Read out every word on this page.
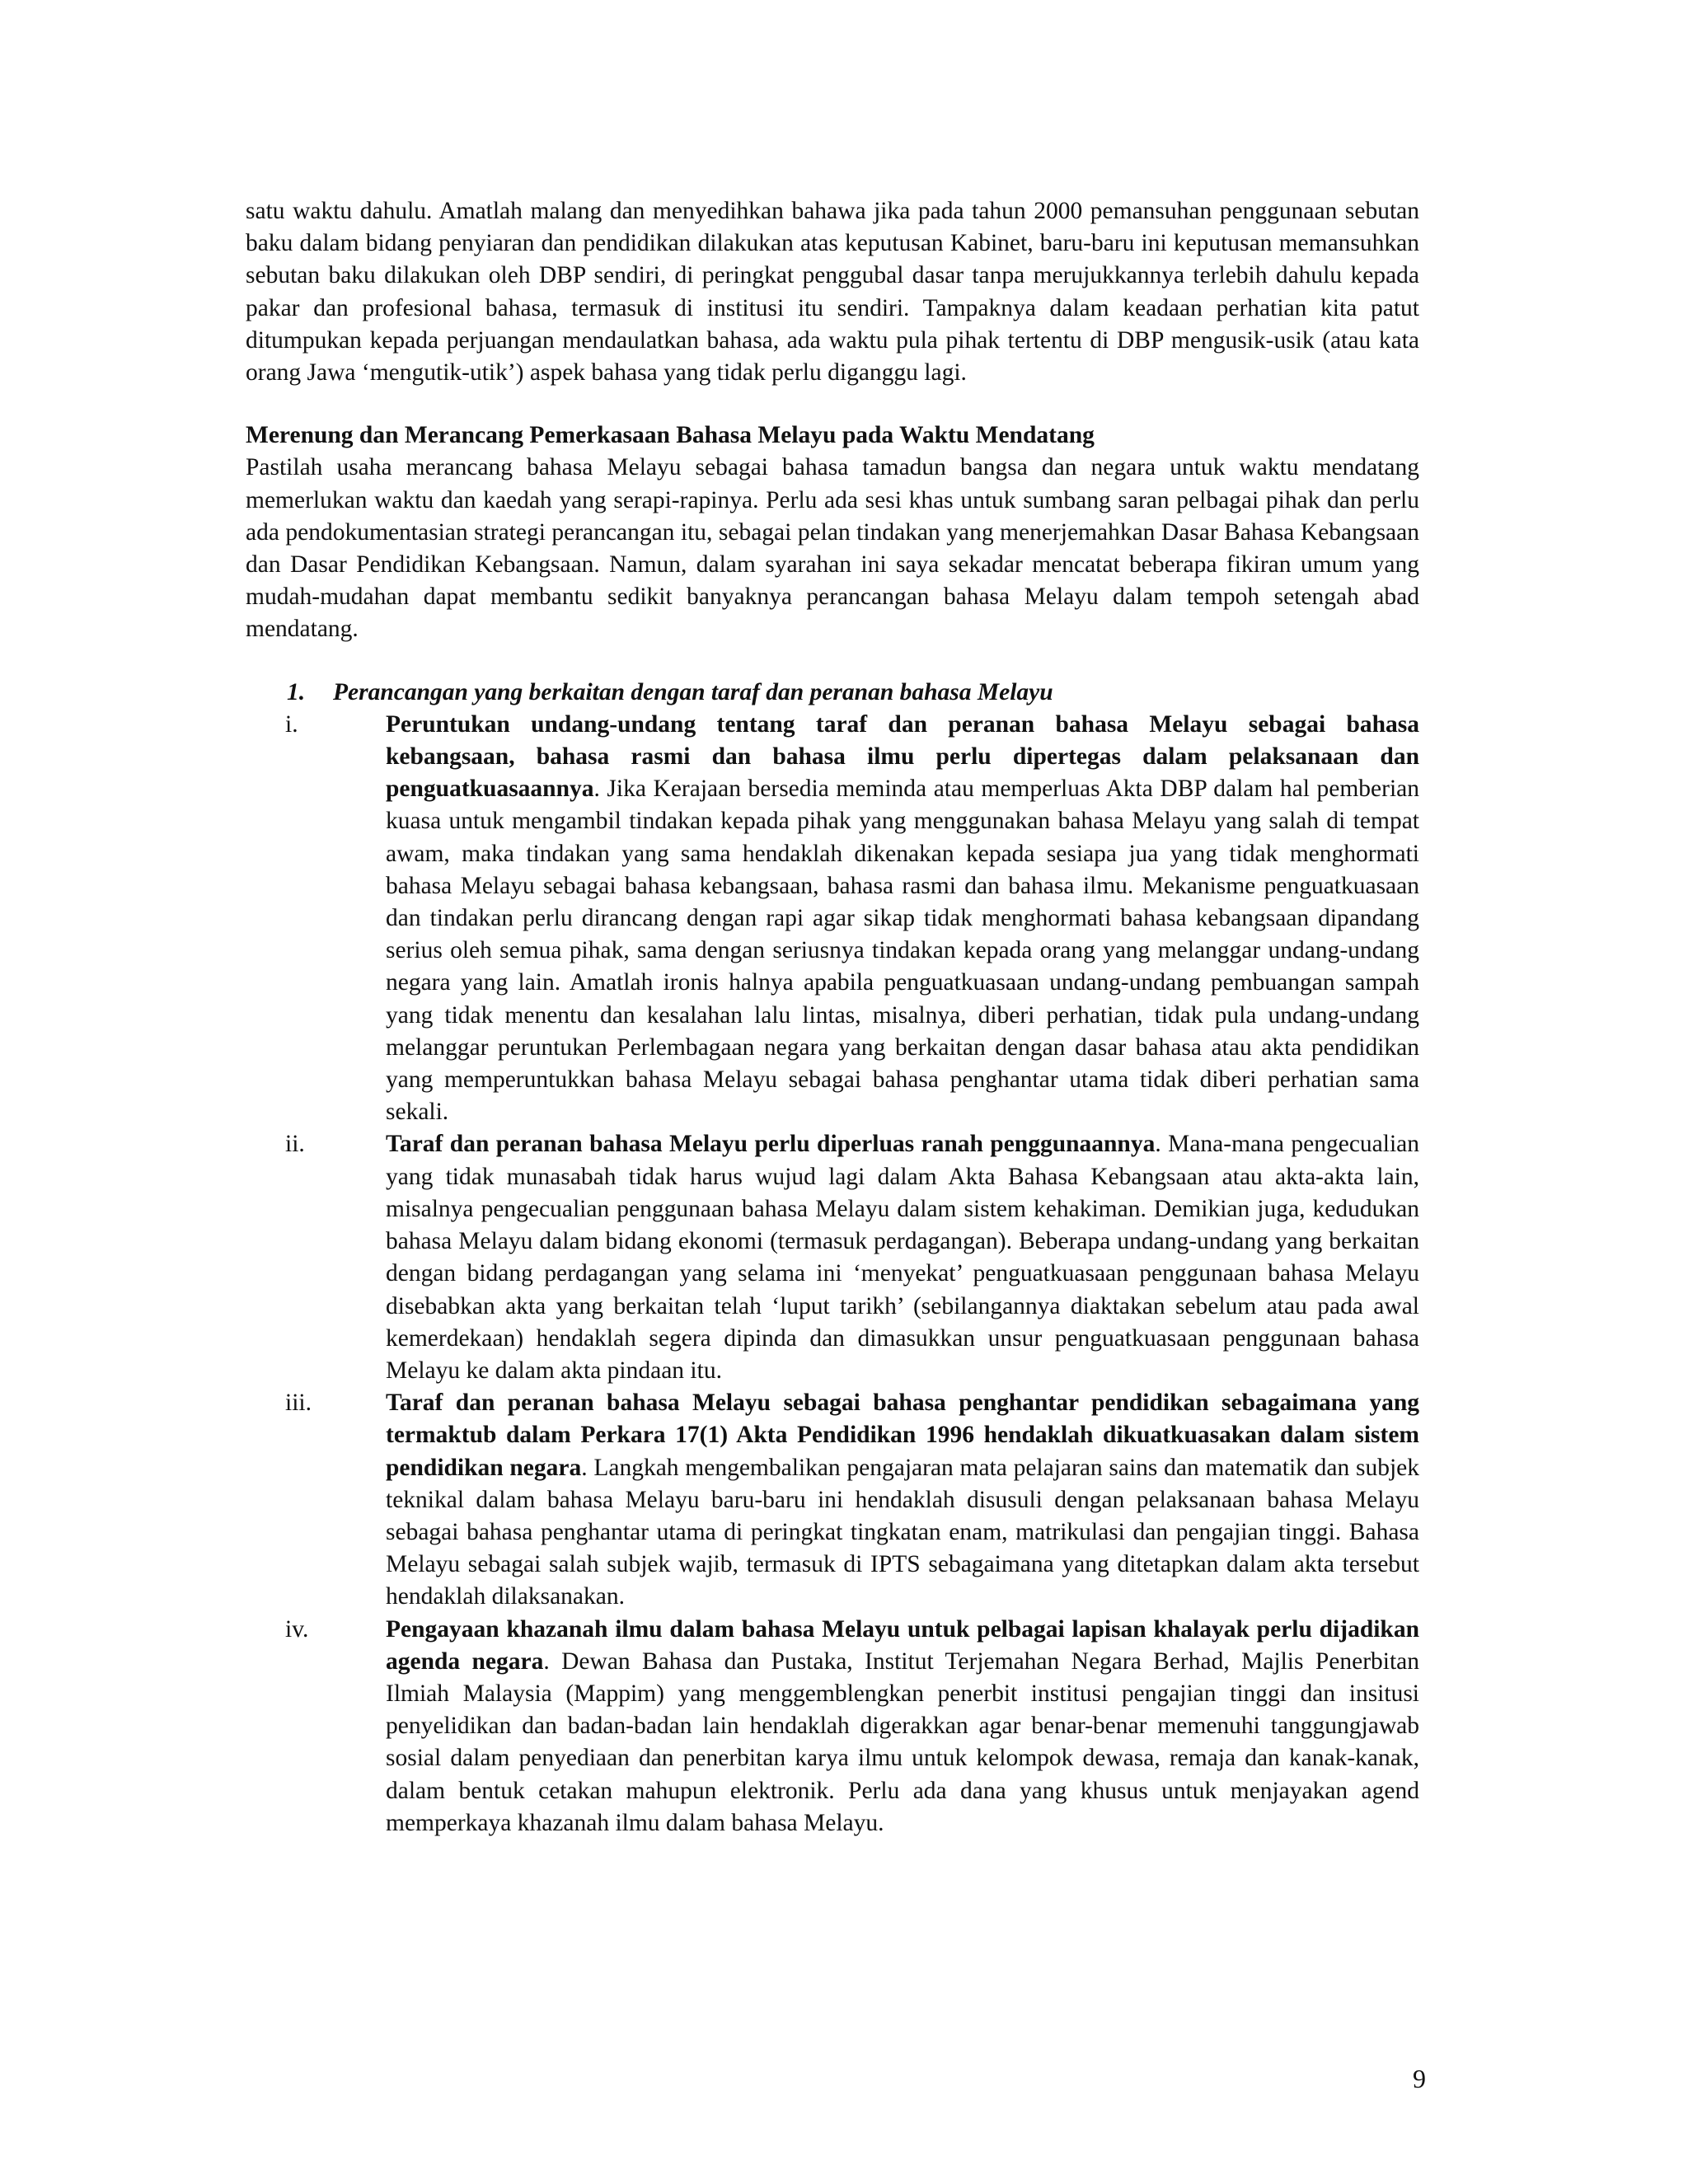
satu waktu dahulu. Amatlah malang dan menyedihkan bahawa jika pada tahun 2000 pemansuhan penggunaan sebutan baku dalam bidang penyiaran dan pendidikan dilakukan atas keputusan Kabinet, baru-baru ini keputusan memansuhkan sebutan baku dilakukan oleh DBP sendiri, di peringkat penggubal dasar tanpa merujukkannya terlebih dahulu kepada pakar dan profesional bahasa, termasuk di institusi itu sendiri. Tampaknya dalam keadaan perhatian kita patut ditumpukan kepada perjuangan mendaulatkan bahasa, ada waktu pula pihak tertentu di DBP mengusik-usik (atau kata orang Jawa ‘mengutik-utik’) aspek bahasa yang tidak perlu diganggu lagi.

Merenung dan Merancang Pemerkasaan Bahasa Melayu pada Waktu Mendatang

Pastilah usaha merancang bahasa Melayu sebagai bahasa tamadun bangsa dan negara untuk waktu mendatang memerlukan waktu dan kaedah yang serapi-rapinya. Perlu ada sesi khas untuk sumbang saran pelbagai pihak dan perlu ada pendokumentasian strategi perancangan itu, sebagai pelan tindakan yang menerjemahkan Dasar Bahasa Kebangsaan dan Dasar Pendidikan Kebangsaan. Namun, dalam syarahan ini saya sekadar mencatat beberapa fikiran umum yang mudah-mudahan dapat membantu sedikit banyaknya perancangan bahasa Melayu dalam tempoh setengah abad mendatang.

1.	Perancangan yang berkaitan dengan taraf dan peranan bahasa Melayu
i.	Peruntukan undang-undang tentang taraf dan peranan bahasa Melayu sebagai bahasa kebangsaan, bahasa rasmi dan bahasa ilmu perlu dipertegas dalam pelaksanaan dan penguatkuasaannya. Jika Kerajaan bersedia meminda atau memperluas Akta DBP dalam hal pemberian kuasa untuk mengambil tindakan kepada pihak yang menggunakan bahasa Melayu yang salah di tempat awam, maka tindakan yang sama hendaklah dikenakan kepada sesiapa jua yang tidak menghormati bahasa Melayu sebagai bahasa kebangsaan, bahasa rasmi dan bahasa ilmu. Mekanisme penguatkuasaan dan tindakan perlu dirancang dengan rapi agar sikap tidak menghormati bahasa kebangsaan dipandang serius oleh semua pihak, sama dengan seriusnya tindakan kepada orang yang melanggar undang-undang negara yang lain. Amatlah ironis halnya apabila penguatkuasaan undang-undang pembuangan sampah yang tidak menentu dan kesalahan lalu lintas, misalnya, diberi perhatian, tidak pula undang-undang melanggar peruntukan Perlembagaan negara yang berkaitan dengan dasar bahasa atau akta pendidikan yang memperuntukkan bahasa Melayu sebagai bahasa penghantar utama tidak diberi perhatian sama sekali.
ii.	Taraf dan peranan bahasa Melayu perlu diperluas ranah penggunaannya. Mana-mana pengecualian yang tidak munasabah tidak harus wujud lagi dalam Akta Bahasa Kebangsaan atau akta-akta lain, misalnya pengecualian penggunaan bahasa Melayu dalam sistem kehakiman. Demikian juga, kedudukan bahasa Melayu dalam bidang ekonomi (termasuk perdagangan). Beberapa undang-undang yang berkaitan dengan bidang perdagangan yang selama ini ‘menyekat’ penguatkuasaan penggunaan bahasa Melayu disebabkan akta yang berkaitan telah ‘luput tarikh’ (sebilangannya diaktakan sebelum atau pada awal kemerdekaan) hendaklah segera dipinda dan dimasukkan unsur penguatkuasaan penggunaan bahasa Melayu ke dalam akta pindaan itu.
iii.	Taraf dan peranan bahasa Melayu sebagai bahasa penghantar pendidikan sebagaimana yang termaktub dalam Perkara 17(1) Akta Pendidikan 1996 hendaklah dikuatkuasakan dalam sistem pendidikan negara. Langkah mengembalikan pengajaran mata pelajaran sains dan matematik dan subjek teknikal dalam bahasa Melayu baru-baru ini hendaklah disusuli dengan pelaksanaan bahasa Melayu sebagai bahasa penghantar utama di peringkat tingkatan enam, matrikulasi dan pengajian tinggi. Bahasa Melayu sebagai salah subjek wajib, termasuk di IPTS sebagaimana yang ditetapkan dalam akta tersebut hendaklah dilaksanakan.
iv.	Pengayaan khazanah ilmu dalam bahasa Melayu untuk pelbagai lapisan khalayak perlu dijadikan agenda negara. Dewan Bahasa dan Pustaka, Institut Terjemahan Negara Berhad, Majlis Penerbitan Ilmiah Malaysia (Mappim) yang menggemblengkan penerbit institusi pengajian tinggi dan insitusi penyelidikan dan badan-badan lain hendaklah digerakkan agar benar-benar memenuhi tanggungjawab sosial dalam penyediaan dan penerbitan karya ilmu untuk kelompok dewasa, remaja dan kanak-kanak, dalam bentuk cetakan mahupun elektronik. Perlu ada dana yang khusus untuk menjayakan agend memperkaya khazanah ilmu dalam bahasa Melayu.
9
